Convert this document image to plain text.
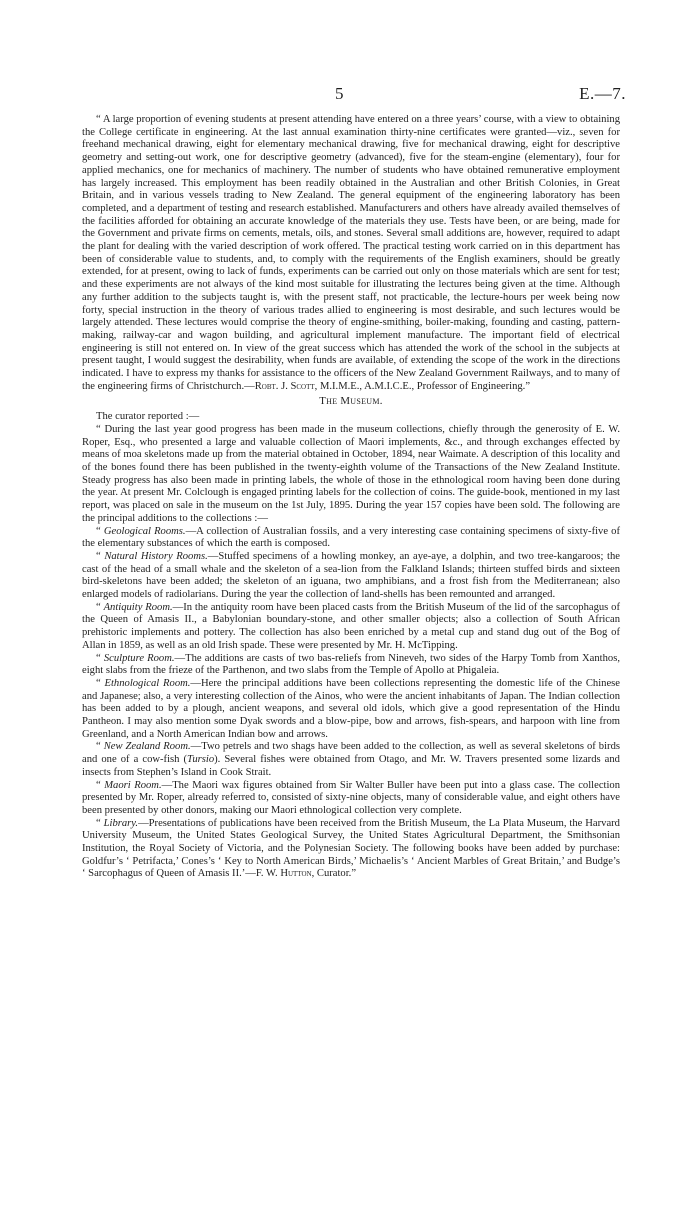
5	E.—7.

“ A large proportion of evening students at present attending have entered on a three years’ course, with a view to obtaining the College certificate in engineering. At the last annual examination thirty-nine certificates were granted—viz., seven for freehand mechanical drawing, eight for elementary mechanical drawing, five for mechanical drawing, eight for descriptive geometry and setting-out work, one for descriptive geometry (advanced), five for the steam-engine (elementary), four for applied mechanics, one for mechanics of machinery. The number of students who have obtained remunerative employment has largely increased. This employment has been readily obtained in the Australian and other British Colonies, in Great Britain, and in various vessels trading to New Zealand. The general equipment of the engineering laboratory has been completed, and a department of testing and research established. Manufacturers and others have already availed themselves of the facilities afforded for obtaining an accurate knowledge of the materials they use. Tests have been, or are being, made for the Government and private firms on cements, metals, oils, and stones. Several small additions are, however, required to adapt the plant for dealing with the varied description of work offered. The practical testing work carried on in this department has been of considerable value to students, and, to comply with the requirements of the English examiners, should be greatly extended, for at present, owing to lack of funds, experiments can be carried out only on those materials which are sent for test; and these experiments are not always of the kind most suitable for illustrating the lectures being given at the time. Although any further addition to the subjects taught is, with the present staff, not practicable, the lecture-hours per week being now forty, special instruction in the theory of various trades allied to engineering is most desirable, and such lectures would be largely attended. These lectures would comprise the theory of engine-smithing, boiler-making, founding and casting, pattern-making, railway-car and wagon building, and agricultural implement manufacture. The important field of electrical engineering is still not entered on. In view of the great success which has attended the work of the school in the subjects at present taught, I would suggest the desirability, when funds are available, of extending the scope of the work in the directions indicated. I have to express my thanks for assistance to the officers of the New Zealand Government Railways, and to many of the engineering firms of Christchurch.—Robt. J. Scott, M.I.M.E., A.M.I.C.E., Professor of Engineering.”

The Museum.

The curator reported :—

“ During the last year good progress has been made in the museum collections, chiefly through the generosity of E. W. Roper, Esq., who presented a large and valuable collection of Maori implements, &c., and through exchanges effected by means of moa skeletons made up from the material obtained in October, 1894, near Waimate. A description of this locality and of the bones found there has been published in the twenty-eighth volume of the Transactions of the New Zealand Institute. Steady progress has also been made in printing labels, the whole of those in the ethnological room having been done during the year. At present Mr. Colclough is engaged printing labels for the collection of coins. The guide-book, mentioned in my last report, was placed on sale in the museum on the 1st July, 1895. During the year 157 copies have been sold. The following are the principal additions to the collections :—

“ Geological Rooms.—A collection of Australian fossils, and a very interesting case containing specimens of sixty-five of the elementary substances of which the earth is composed.

“ Natural History Rooms.—Stuffed specimens of a howling monkey, an aye-aye, a dolphin, and two tree-kangaroos; the cast of the head of a small whale and the skeleton of a sea-lion from the Falkland Islands; thirteen stuffed birds and sixteen bird-skeletons have been added; the skeleton of an iguana, two amphibians, and a frost fish from the Mediterranean; also enlarged models of radiolarians. During the year the collection of land-shells has been remounted and arranged.

“ Antiquity Room.—In the antiquity room have been placed casts from the British Museum of the lid of the sarcophagus of the Queen of Amasis II., a Babylonian boundary-stone, and other smaller objects; also a collection of South African prehistoric implements and pottery. The collection has also been enriched by a metal cup and stand dug out of the Bog of Allan in 1859, as well as an old Irish spade. These were presented by Mr. H. McTipping.

“ Sculpture Room.—The additions are casts of two bas-reliefs from Nineveh, two sides of the Harpy Tomb from Xanthos, eight slabs from the frieze of the Parthenon, and two slabs from the Temple of Apollo at Phigaleia.

“ Ethnological Room.—Here the principal additions have been collections representing the domestic life of the Chinese and Japanese; also, a very interesting collection of the Ainos, who were the ancient inhabitants of Japan. The Indian collection has been added to by a plough, ancient weapons, and several old idols, which give a good representation of the Hindu Pantheon. I may also mention some Dyak swords and a blow-pipe, bow and arrows, fish-spears, and harpoon with line from Greenland, and a North American Indian bow and arrows.

“ New Zealand Room.—Two petrels and two shags have been added to the collection, as well as several skeletons of birds and one of a cow-fish (Tursio). Several fishes were obtained from Otago, and Mr. W. Travers presented some lizards and insects from Stephen’s Island in Cook Strait.

“ Maori Room.—The Maori wax figures obtained from Sir Walter Buller have been put into a glass case. The collection presented by Mr. Roper, already referred to, consisted of sixty-nine objects, many of considerable value, and eight others have been presented by other donors, making our Maori ethnological collection very complete.

“ Library.—Presentations of publications have been received from the British Museum, the La Plata Museum, the Harvard University Museum, the United States Geological Survey, the United States Agricultural Department, the Smithsonian Institution, the Royal Society of Victoria, and the Polynesian Society. The following books have been added by purchase: Goldfur’s ‘ Petrifacta,’ Cones’s ‘ Key to North American Birds,’ Michaelis’s ‘ Ancient Marbles of Great Britain,’ and Budge’s ‘ Sarcophagus of Queen of Amasis II.’—F. W. Hutton, Curator.”
